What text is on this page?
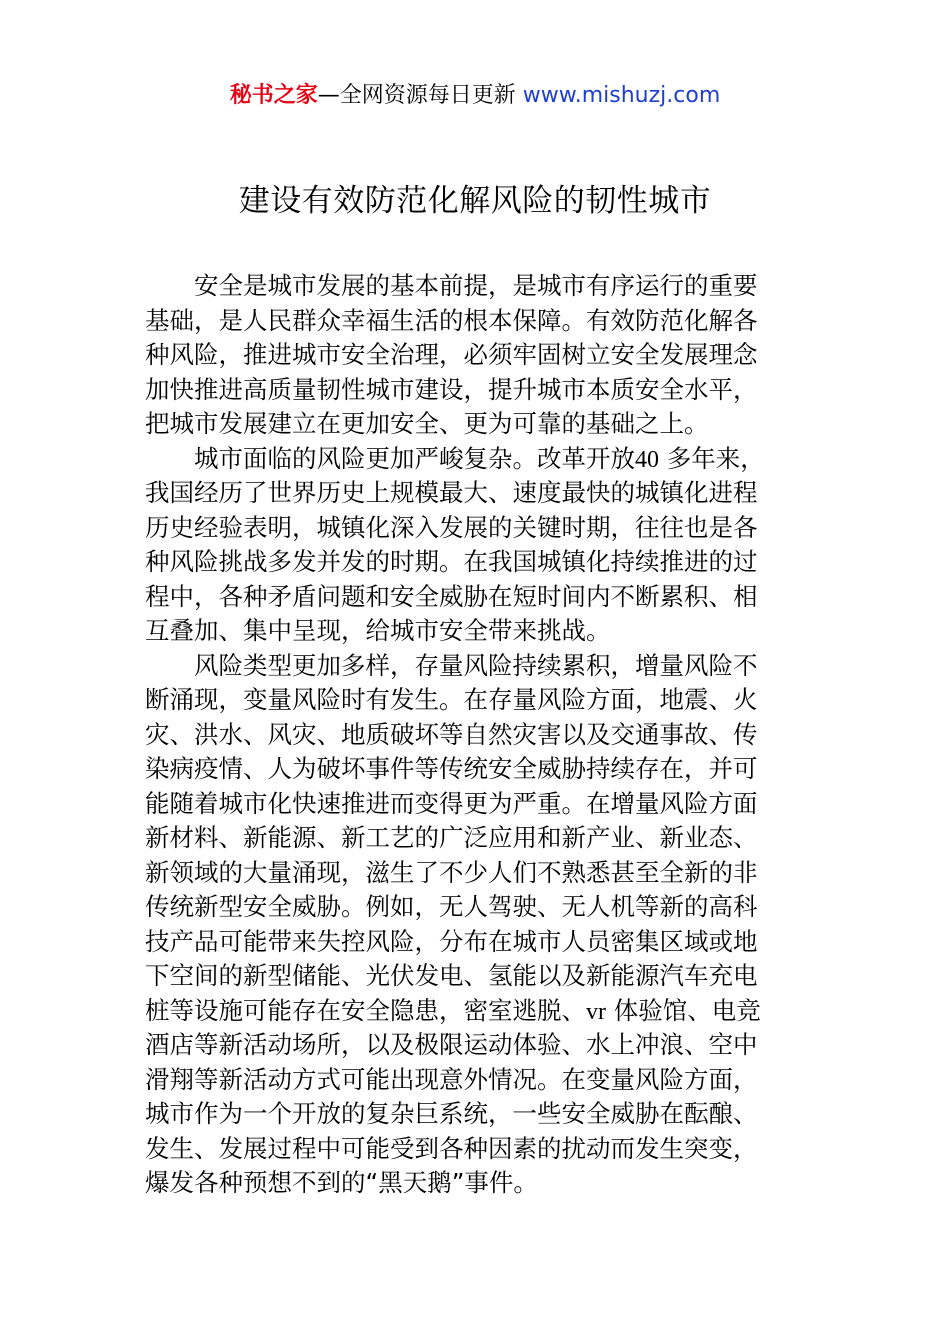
秘书之家—全网资源每日更新 www.mishuzj.com
建设有效防范化解风险的韧性城市
安全是城市发展的基本前提，是城市有序运行的重要
基础，是人民群众幸福生活的根本保障。有效防范化解各
种风险，推进城市安全治理，必须牢固树立安全发展理念
加快推进高质量韧性城市建设，提升城市本质安全水平，
把城市发展建立在更加安全、更为可靠的基础之上。
城市面临的风险更加严峻复杂。改革开放40 多年来，
我国经历了世界历史上规模最大、速度最快的城镇化进程
历史经验表明，城镇化深入发展的关键时期，往往也是各
种风险挑战多发并发的时期。在我国城镇化持续推进的过
程中，各种矛盾问题和安全威胁在短时间内不断累积、相
互叠加、集中呈现，给城市安全带来挑战。
风险类型更加多样，存量风险持续累积，增量风险不
断涌现，变量风险时有发生。在存量风险方面，地震、火
灾、洪水、风灾、地质破坏等自然灾害以及交通事故、传
染病疫情、人为破坏事件等传统安全威胁持续存在，并可
能随着城市化快速推进而变得更为严重。在增量风险方面
新材料、新能源、新工艺的广泛应用和新产业、新业态、
新领域的大量涌现，滋生了不少人们不熟悉甚至全新的非
传统新型安全威胁。例如，无人驾驶、无人机等新的高科
技产品可能带来失控风险，分布在城市人员密集区域或地
下空间的新型储能、光伏发电、氢能以及新能源汽车充电
桩等设施可能存在安全隐患，密室逃脱、vr 体验馆、电竞
酒店等新活动场所，以及极限运动体验、水上冲浪、空中
滑翔等新活动方式可能出现意外情况。在变量风险方面，
城市作为一个开放的复杂巨系统，一些安全威胁在酝酿、
发生、发展过程中可能受到各种因素的扰动而发生突变，
爆发各种预想不到的“黑天鹅”事件。
